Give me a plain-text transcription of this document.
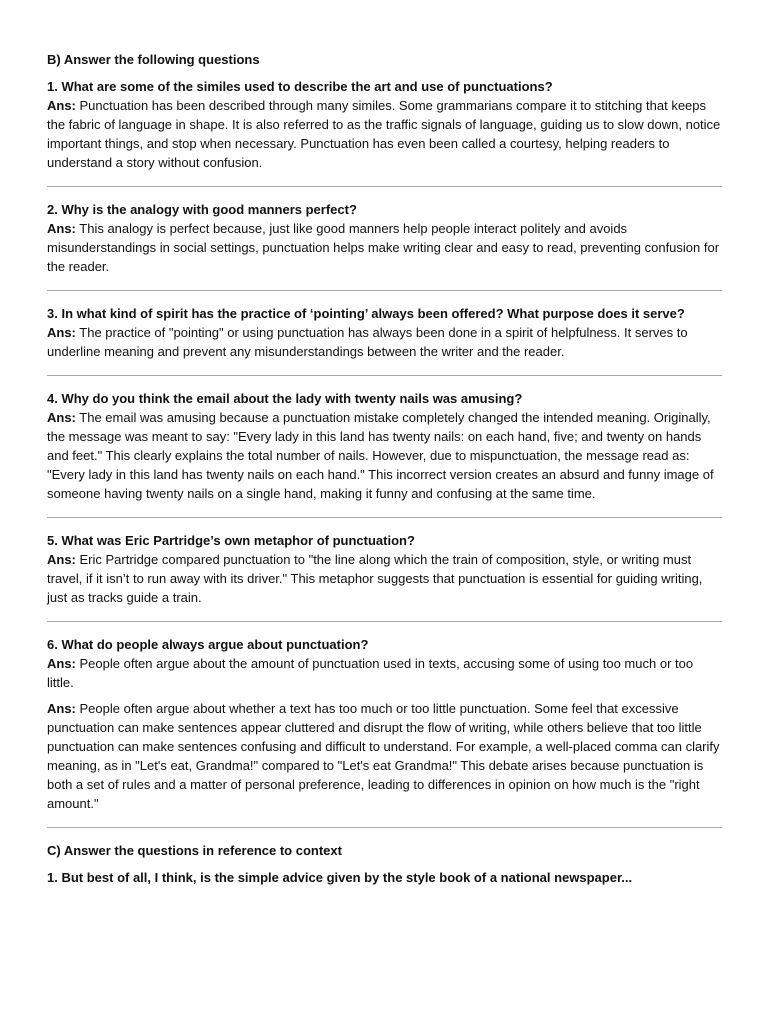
B) Answer the following questions

1. What are some of the similes used to describe the art and use of punctuations?

Ans: Punctuation has been described through many similes. Some grammarians compare it to stitching that keeps the fabric of language in shape. It is also referred to as the traffic signals of language, guiding us to slow down, notice important things, and stop when necessary. Punctuation has even been called a courtesy, helping readers to understand a story without confusion.

2. Why is the analogy with good manners perfect?

Ans: This analogy is perfect because, just like good manners help people interact politely and avoids misunderstandings in social settings, punctuation helps make writing clear and easy to read, preventing confusion for the reader.

3. In what kind of spirit has the practice of ‘pointing’ always been offered? What purpose does it serve?

Ans: The practice of "pointing" or using punctuation has always been done in a spirit of helpfulness. It serves to underline meaning and prevent any misunderstandings between the writer and the reader.

4. Why do you think the email about the lady with twenty nails was amusing?

Ans: The email was amusing because a punctuation mistake completely changed the intended meaning. Originally, the message was meant to say: "Every lady in this land has twenty nails: on each hand, five; and twenty on hands and feet." This clearly explains the total number of nails. However, due to mispunctuation, the message read as: "Every lady in this land has twenty nails on each hand." This incorrect version creates an absurd and funny image of someone having twenty nails on a single hand, making it funny and confusing at the same time.

5. What was Eric Partridge’s own metaphor of punctuation?

Ans: Eric Partridge compared punctuation to "the line along which the train of composition, style, or writing must travel, if it isn’t to run away with its driver." This metaphor suggests that punctuation is essential for guiding writing, just as tracks guide a train.

6. What do people always argue about punctuation?

Ans: People often argue about the amount of punctuation used in texts, accusing some of using too much or too little.

Ans: People often argue about whether a text has too much or too little punctuation. Some feel that excessive punctuation can make sentences appear cluttered and disrupt the flow of writing, while others believe that too little punctuation can make sentences confusing and difficult to understand. For example, a well-placed comma can clarify meaning, as in "Let's eat, Grandma!" compared to "Let's eat Grandma!" This debate arises because punctuation is both a set of rules and a matter of personal preference, leading to differences in opinion on how much is the "right amount."

C) Answer the questions in reference to context

1. But best of all, I think, is the simple advice given by the style book of a national newspaper...
